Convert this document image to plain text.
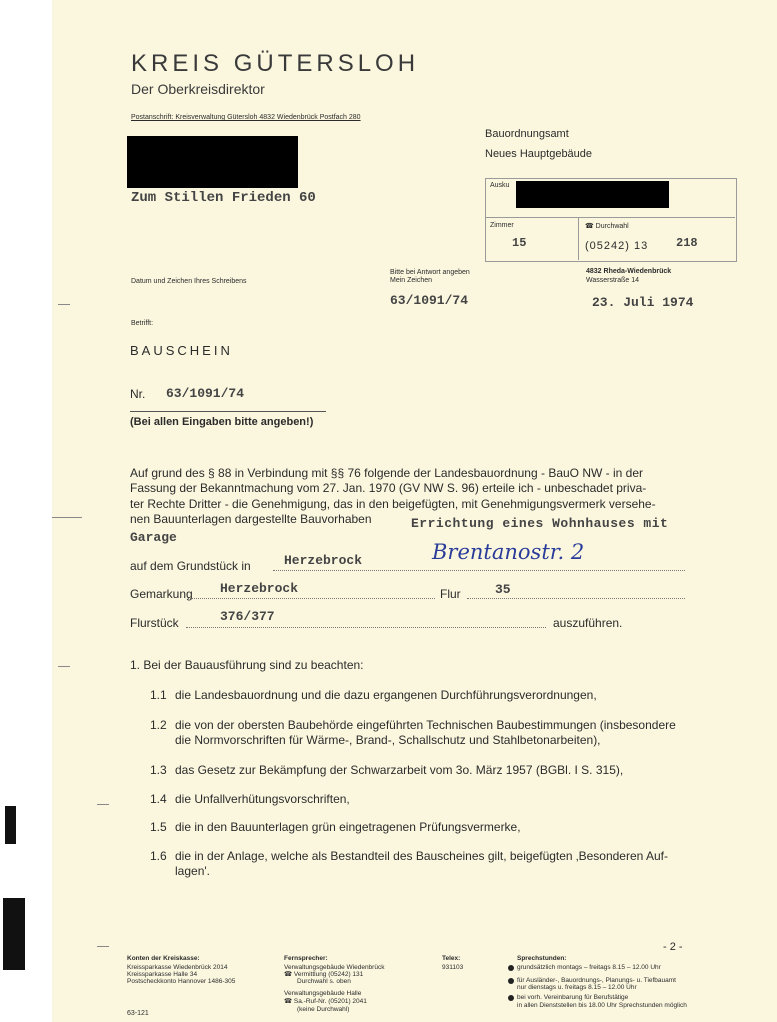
KREIS GÜTERSLOH
Der Oberkreisdirektor
Postanschrift: Kreisverwaltung Gütersloh 4832 Wiedenbrück Postfach 280
Bauordnungsamt
Neues Hauptgebäude
Zum Stillen Frieden 60
Ausku
Zimmer
15
☎ Durchwahl
(05242) 13 218
Datum und Zeichen Ihres Schreibens
Bitte bei Antwort angeben
Mein Zeichen
63/1091/74
4832 Rheda-Wiedenbrück
Wasserstraße 14
23. Juli 1974
Betrifft:
BAUSCHEIN
Nr. 63/1091/74
(Bei allen Eingaben bitte angeben!)
Auf grund des § 88 in Verbindung mit §§ 76 folgende der Landesbauordnung - BauO NW - in der
Fassung der Bekanntmachung vom 27. Jan. 1970 (GV NW S. 96) erteile ich - unbeschadet priva-
ter Rechte Dritter - die Genehmigung, das in den beigefügten, mit Genehmigungsvermerk versehe-
nen Bauunterlagen dargestellte Bauvorhaben	Errichtung eines Wohnhauses mit
Garage
auf dem Grundstück in	Herzebrock	Brentanostr. 2
Gemarkung Herzebrock	Flur	35
Flurstück	376/377	auszuführen.
1. Bei der Bauausführung sind zu beachten:
1.1 die Landesbauordnung und die dazu ergangenen Durchführungsverordnungen,
1.2 die von der obersten Baubehörde eingeführten Technischen Baubestimmungen (insbesondere
die Normvorschriften für Wärme-, Brand-, Schallschutz und Stahlbetonarbeiten),
1.3 das Gesetz zur Bekämpfung der Schwarzarbeit vom 3o. März 1957 (BGBl. I S. 315),
1.4 die Unfallverhütungsvorschriften,
1.5 die in den Bauunterlagen grün eingetragenen Prüfungsvermerke,
1.6 die in der Anlage, welche als Bestandteil des Bauscheines gilt, beigefügten ‚Besonderen Auf-
lagen'.
- 2 -
Konten der Kreiskasse:
Kreissparkasse Wiedenbrück 2014
Kreissparkasse Halle 34
Postscheckkonto Hannover 1486-305
63-121
Fernsprecher:
Verwaltungsgebäude Wiedenbrück
☎ Vermittlung (05242) 131
Durchwahl s. oben
Verwaltungsgebäude Halle
☎ Sa.-Ruf-Nr. (05201) 2041
(keine Durchwahl)
Telex:
931103
Sprechstunden:
grundsätzlich montags – freitags 8.15 – 12.00 Uhr
für Ausländer-, Bauordnungs-, Planungs- u. Tiefbauamt
nur dienstags u. freitags 8.15 – 12.00 Uhr
bei vorh. Vereinbarung für Berufstätige
in allen Dienststellen bis 18.00 Uhr Sprechstunden möglich
